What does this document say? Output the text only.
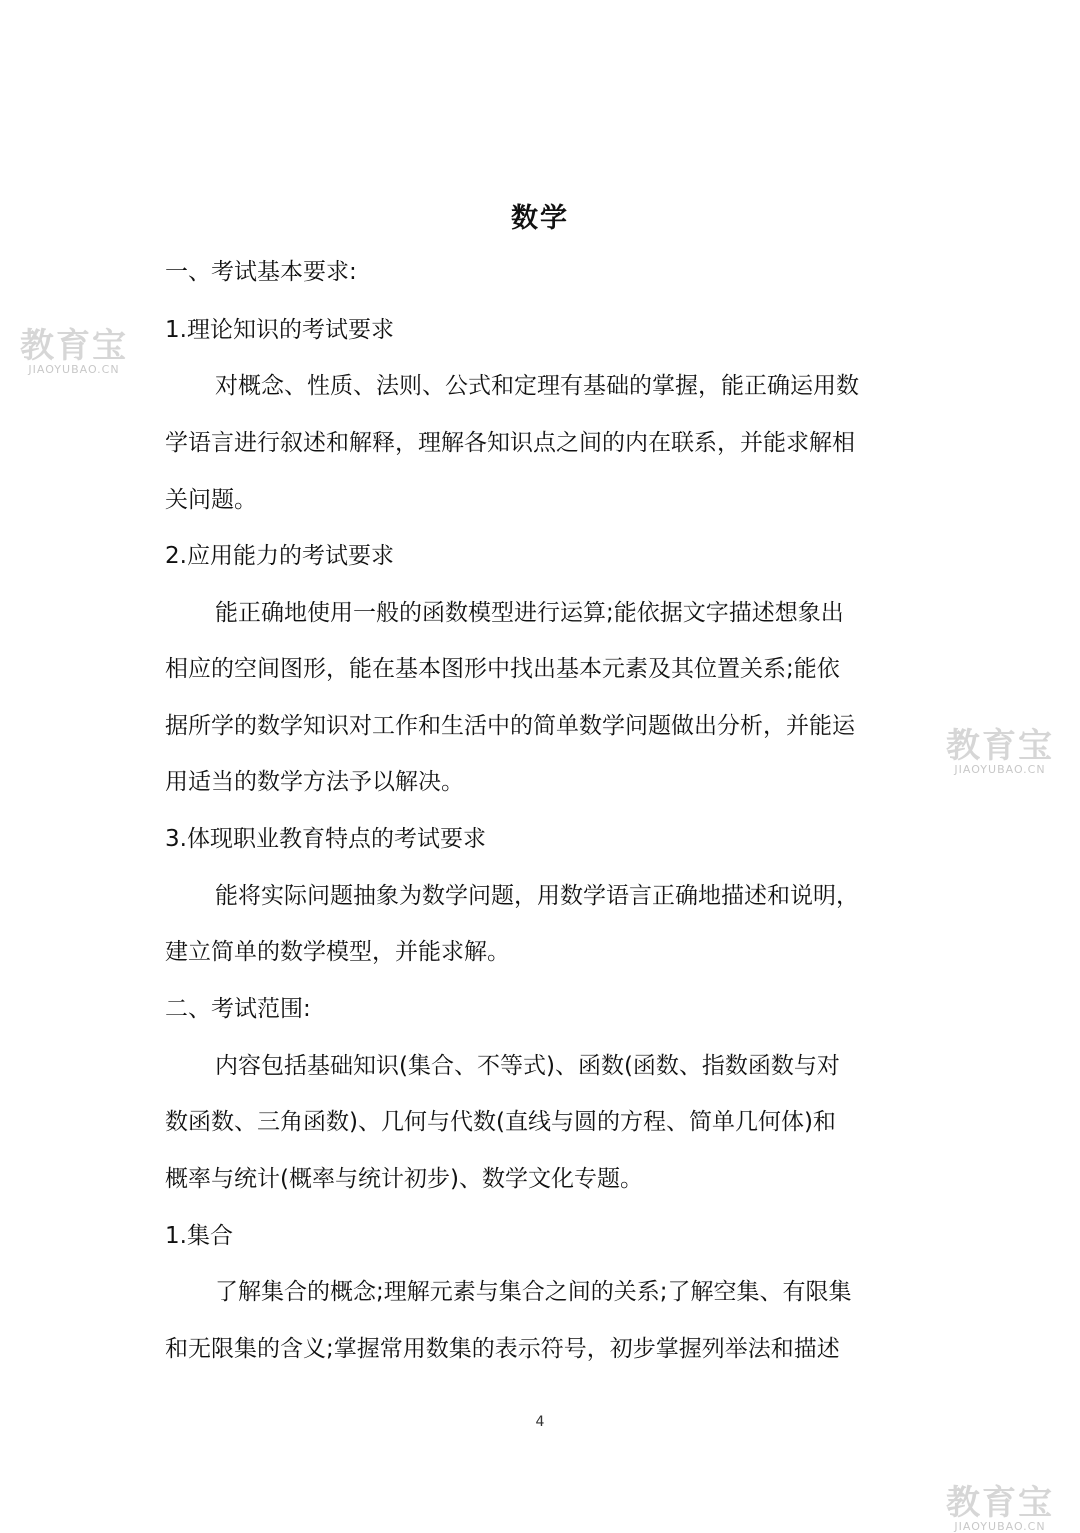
数学
一、考试基本要求:
1.理论知识的考试要求
对概念、性质、法则、公式和定理有基础的掌握，能正确运用数
学语言进行叙述和解释，理解各知识点之间的内在联系，并能求解相
关问题。
2.应用能力的考试要求
能正确地使用一般的函数模型进行运算;能依据文字描述想象出
相应的空间图形，能在基本图形中找出基本元素及其位置关系;能依
据所学的数学知识对工作和生活中的简单数学问题做出分析，并能运
用适当的数学方法予以解决。
3.体现职业教育特点的考试要求
能将实际问题抽象为数学问题，用数学语言正确地描述和说明，
建立简单的数学模型，并能求解。
二、考试范围:
内容包括基础知识(集合、不等式)、函数(函数、指数函数与对
数函数、三角函数)、几何与代数(直线与圆的方程、简单几何体)和
概率与统计(概率与统计初步)、数学文化专题。
1.集合
了解集合的概念;理解元素与集合之间的关系;了解空集、有限集
和无限集的含义;掌握常用数集的表示符号，初步掌握列举法和描述
4
教育宝
JIAOYUBAO.CN
教育宝
JIAOYUBAO.CN
教育宝
JIAOYUBAO.CN
